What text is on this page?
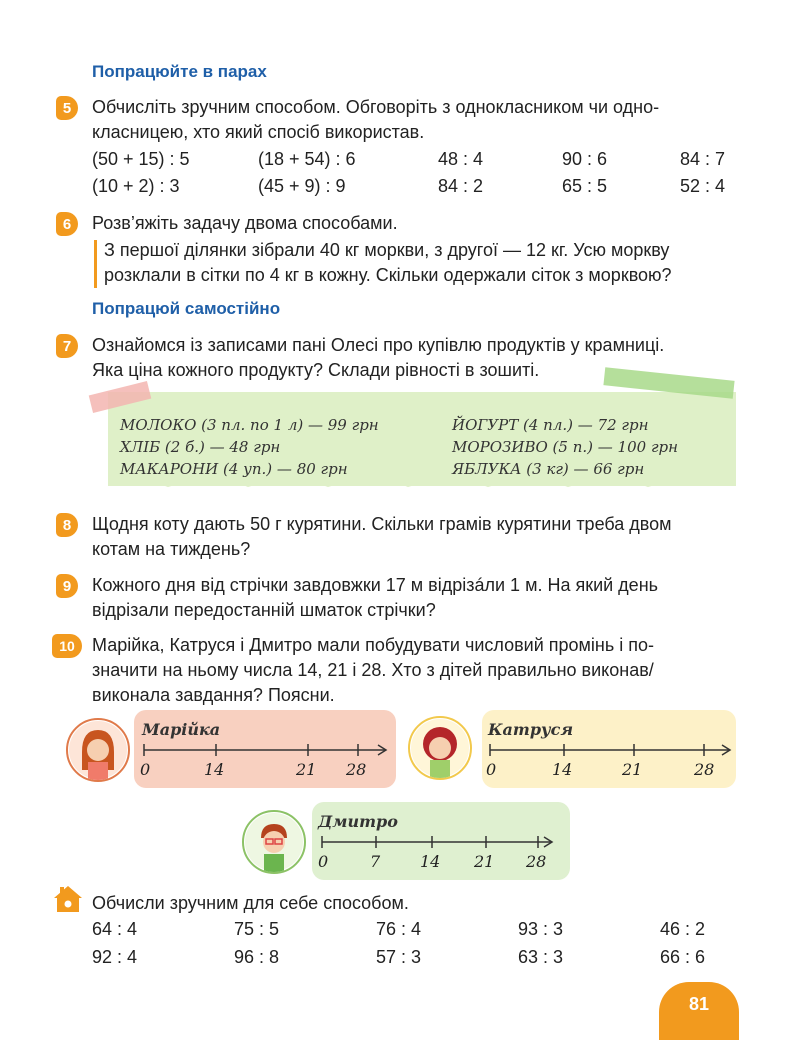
Попрацюйте в парах
5	Обчисліть зручним способом. Обговоріть з однокласником чи одно-
класницею, хто який спосіб використав.
(50 + 15) : 5	(18 + 54) : 6	48 : 4	90 : 6	84 : 7
(10 + 2) : 3	(45 + 9) : 9	84 : 2	65 : 5	52 : 4
6	Розв’яжіть задачу двома способами.
З першої ділянки зібрали 40 кг моркви, з другої — 12 кг. Усю моркву
розклали в сітки по 4 кг в кожну. Скільки одержали сіток з морквою?
Попрацюй самостійно
7	Ознайомся із записами пані Олесі про купівлю продуктів у крамниці.
Яка ціна кожного продукту? Склади рівності в зошиті.
МОЛОКО (3 пл. по 1 л) — 99 грн
ХЛІБ (2 б.) — 48 грн
МАКАРОНИ (4 уп.) — 80 грн
ЙОГУРТ (4 пл.) — 72 грн
МОРОЗИВО (5 п.) — 100 грн
ЯБЛУКА (3 кг) — 66 грн
8	Щодня коту дають 50 г курятини. Скільки грамів курятини треба двом
котам на тиждень?
9	Кожного дня від стрічки завдовжки 17 м відрізáли 1 м. На який день
відрізали передостанній шматок стрічки?
10 Марійка, Катруся і Дмитро мали побудувати числовий промінь і по-
значити на ньому числа 14, 21 і 28. Хто з дітей правильно виконав/
виконала завдання? Поясни.
Марійка
0	14	21 28
Катруся
0	14	21	28
Дмитро
0	7 14 21 28
Обчисли зручним для себе способом.
64 : 4	75 : 5	76 : 4	93 : 3	46 : 2
92 : 4	96 : 8	57 : 3	63 : 3	66 : 6
81
